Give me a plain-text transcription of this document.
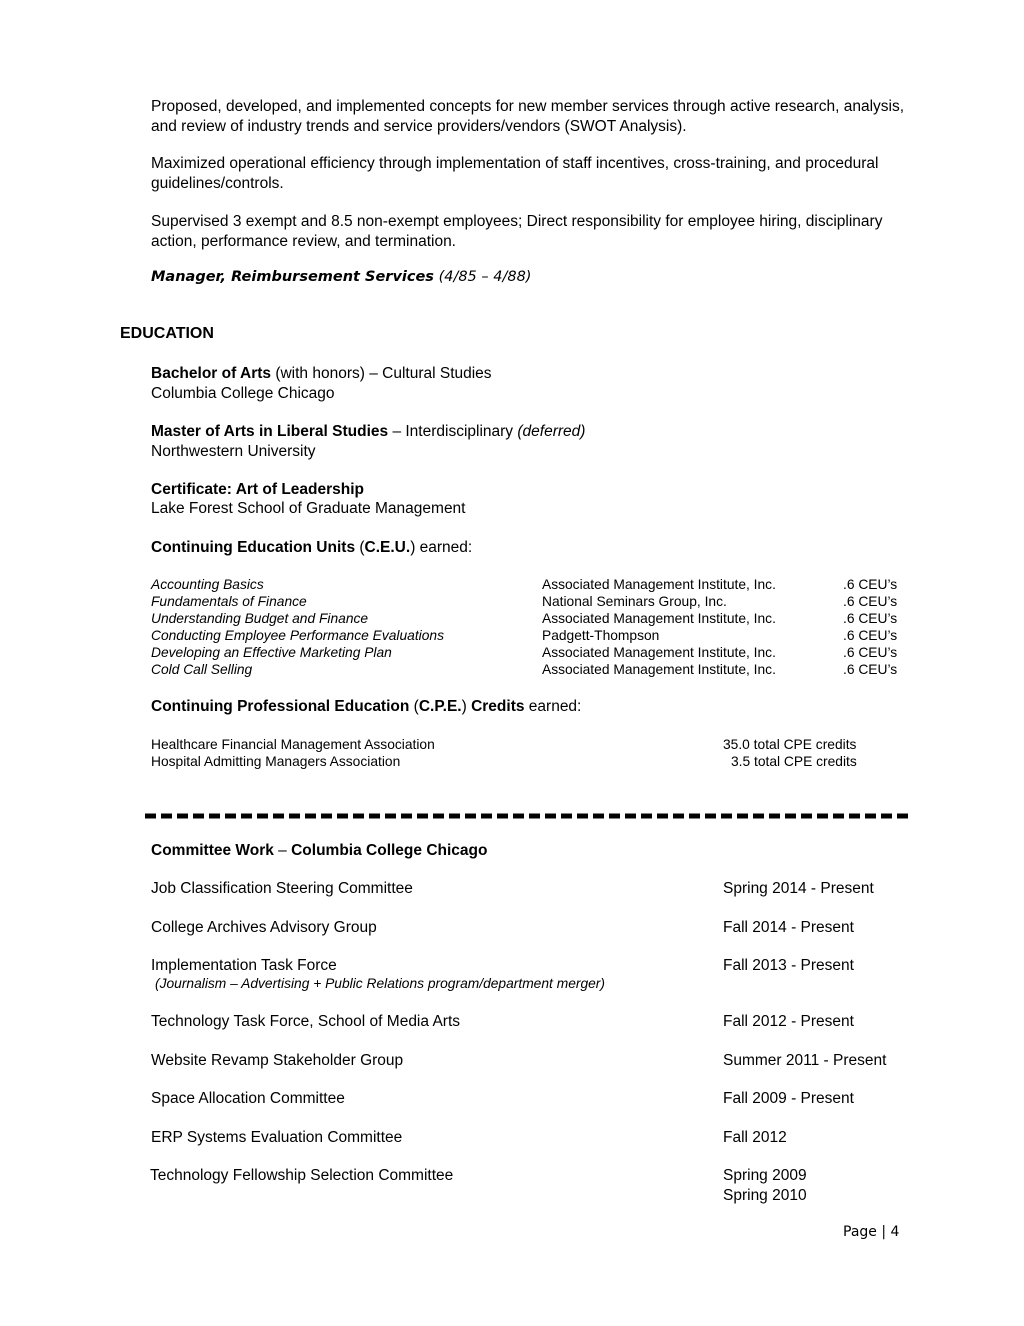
Proposed, developed, and implemented concepts for new member services through active research, analysis, and review of industry trends and service providers/vendors (SWOT Analysis).
Maximized operational efficiency through implementation of staff incentives, cross-training, and procedural guidelines/controls.
Supervised 3 exempt and 8.5 non-exempt employees; Direct responsibility for employee hiring, disciplinary action, performance review, and termination.
Manager, Reimbursement Services (4/85 – 4/88)
EDUCATION
Bachelor of Arts (with honors) – Cultural Studies
Columbia College Chicago
Master of Arts in Liberal Studies – Interdisciplinary (deferred)
Northwestern University
Certificate: Art of Leadership
Lake Forest School of Graduate Management
Continuing Education Units (C.E.U.) earned:
Accounting Basics	Associated Management Institute, Inc.	.6 CEU’s
Fundamentals of Finance	National Seminars Group, Inc.	.6 CEU’s
Understanding Budget and Finance	Associated Management Institute, Inc.	.6 CEU’s
Conducting Employee Performance Evaluations	Padgett-Thompson	.6 CEU’s
Developing an Effective Marketing Plan	Associated Management Institute, Inc.	.6 CEU’s
Cold Call Selling	Associated Management Institute, Inc.	.6 CEU’s
Continuing Professional Education (C.P.E.) Credits earned:
Healthcare Financial Management Association	35.0 total CPE credits
Hospital Admitting Managers Association	3.5 total CPE credits
Committee Work – Columbia College Chicago
Job Classification Steering Committee	Spring 2014 - Present
College Archives Advisory Group	Fall 2014 - Present
Implementation Task Force	Fall 2013 - Present
(Journalism – Advertising + Public Relations program/department merger)
Technology Task Force, School of Media Arts	Fall 2012 - Present
Website Revamp Stakeholder Group	Summer 2011 - Present
Space Allocation Committee	Fall 2009 - Present
ERP Systems Evaluation Committee	Fall 2012
Technology Fellowship Selection Committee	Spring 2009
Spring 2010
Page | 4
